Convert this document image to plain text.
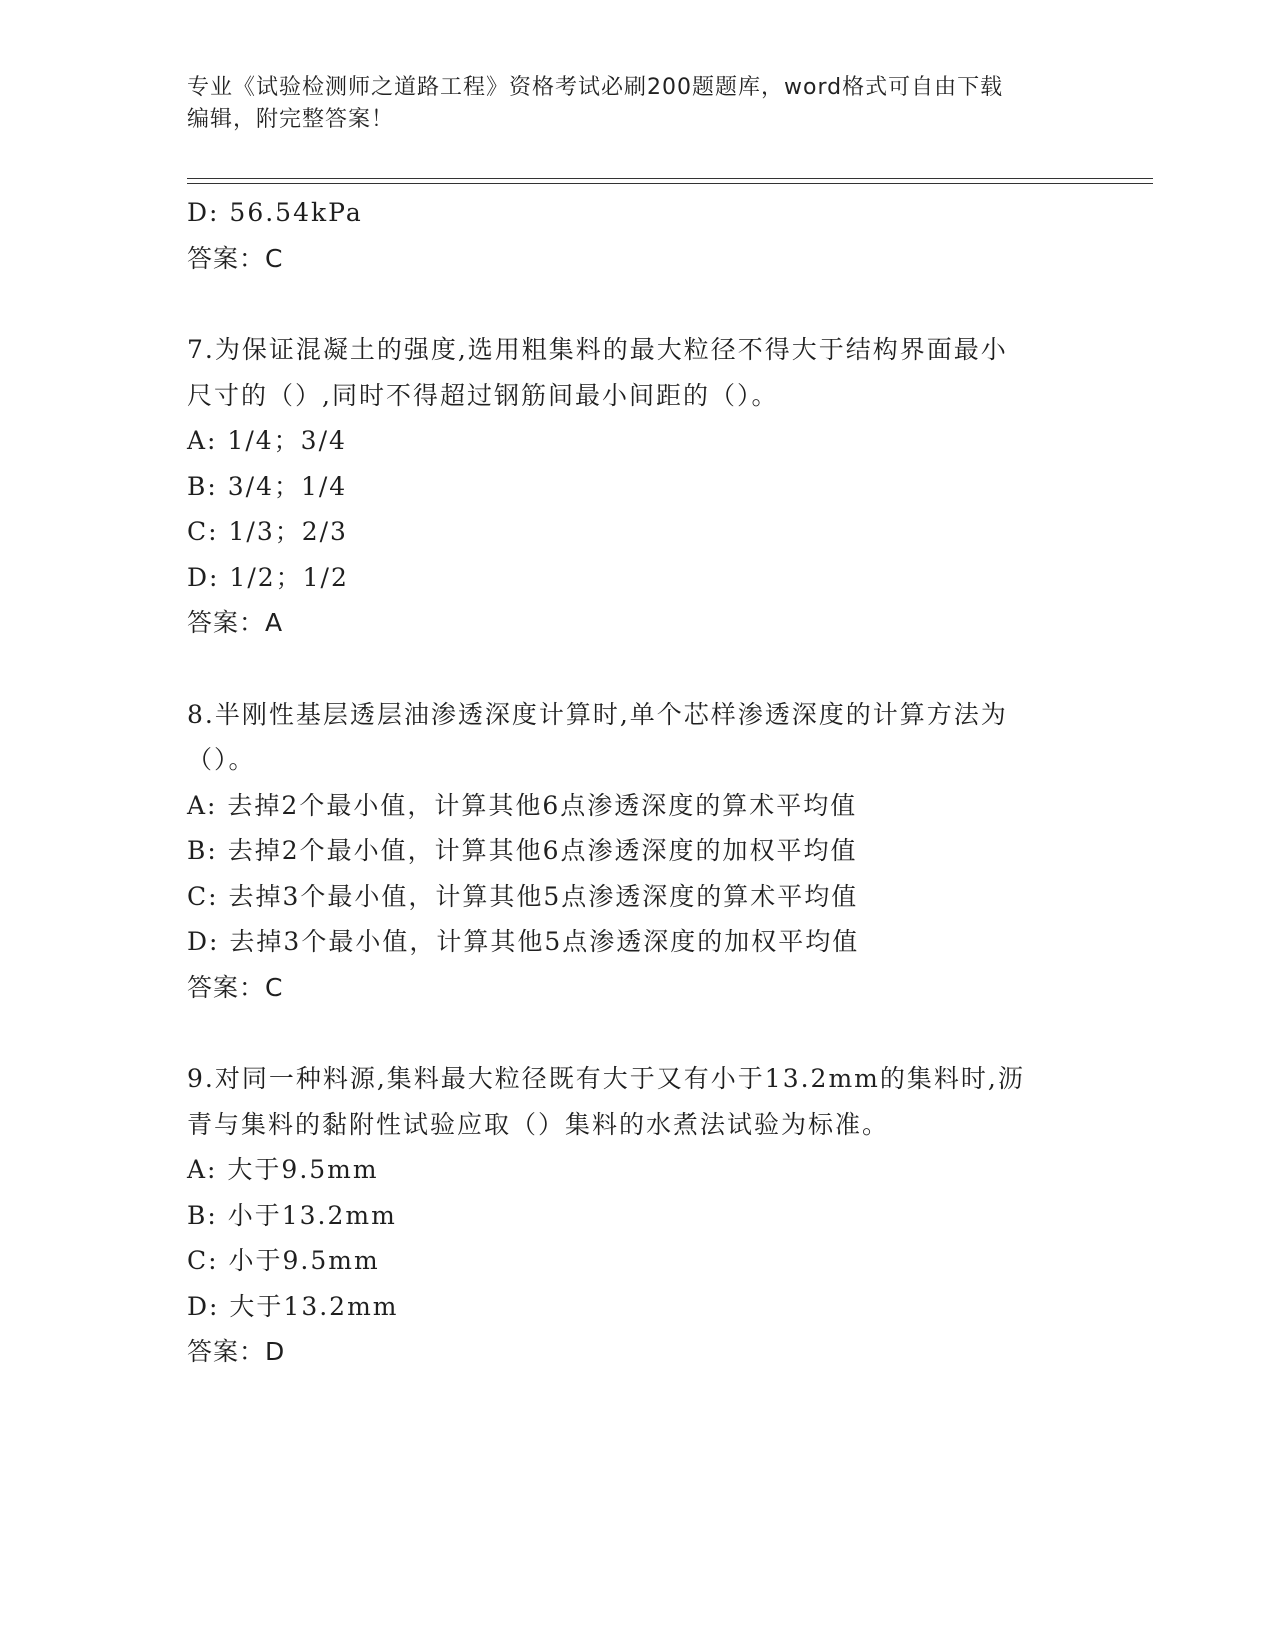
专业《试验检测师之道路工程》资格考试必刷200题题库，word格式可自由下载
编辑，附完整答案！
D: 56.54kPa
答案：C
7.为保证混凝土的强度,选用粗集料的最大粒径不得大于结构界面最小
尺寸的（）,同时不得超过钢筋间最小间距的（）。
A: 1/4；3/4
B: 3/4；1/4
C: 1/3；2/3
D: 1/2；1/2
答案：A
8.半刚性基层透层油渗透深度计算时,单个芯样渗透深度的计算方法为
（）。
A: 去掉2个最小值，计算其他6点渗透深度的算术平均值
B: 去掉2个最小值，计算其他6点渗透深度的加权平均值
C: 去掉3个最小值，计算其他5点渗透深度的算术平均值
D: 去掉3个最小值，计算其他5点渗透深度的加权平均值
答案：C
9.对同一种料源,集料最大粒径既有大于又有小于13.2mm的集料时,沥
青与集料的黏附性试验应取（）集料的水煮法试验为标准。
A: 大于9.5mm
B: 小于13.2mm
C: 小于9.5mm
D: 大于13.2mm
答案：D
